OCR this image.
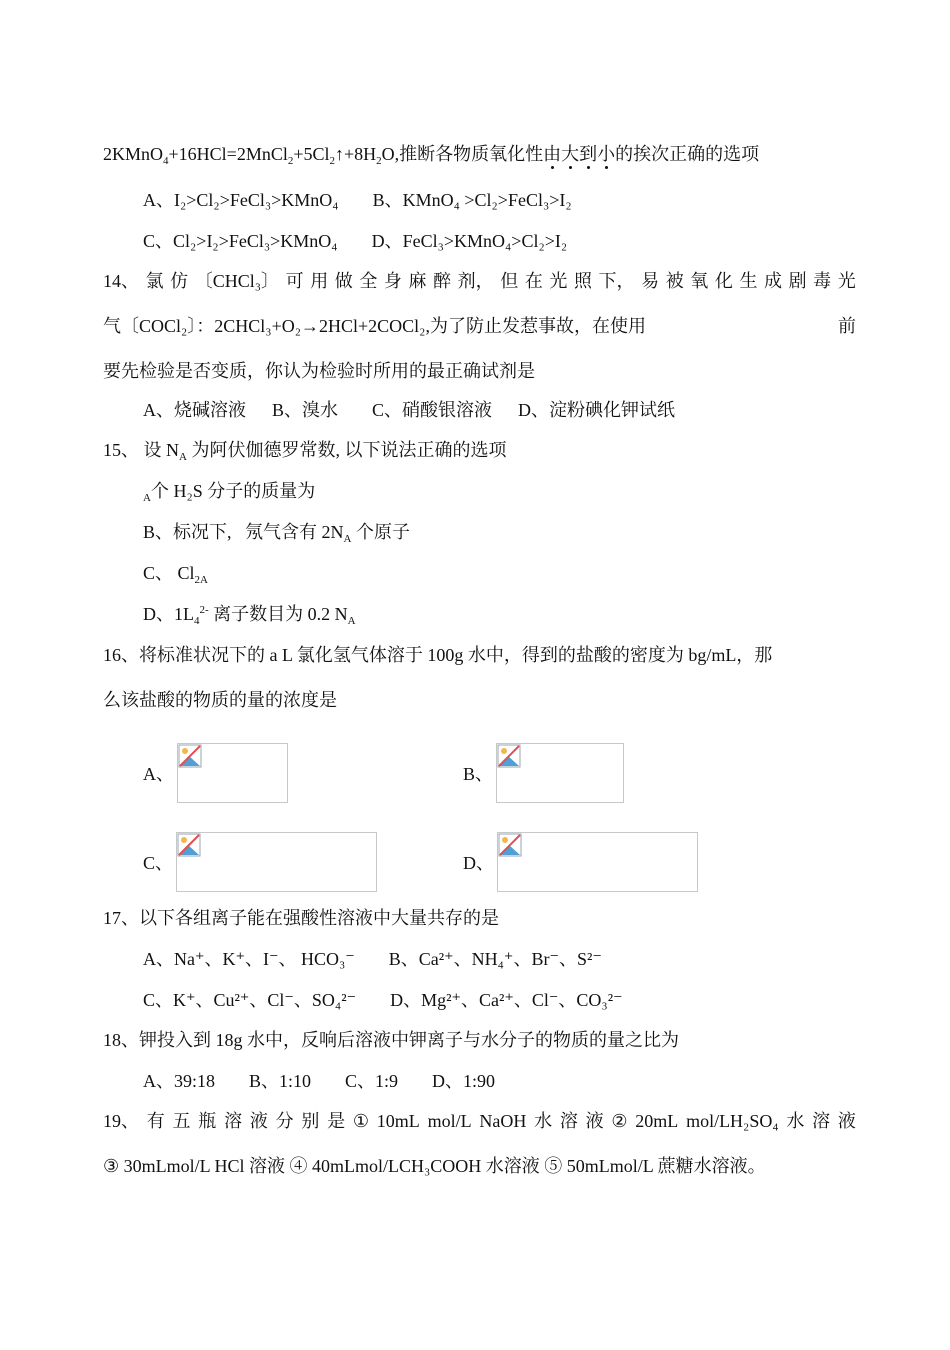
$2KMnO_4+16HCl=2MnCl_2+5Cl_2↑+8H_2O$,推断各物质氧化性由大到小的挨次正确的选项
A、I₂>Cl₂>FeCl₃>KMnO₄ B、KMnO₄ >Cl₂>FeCl₃>I₂
C、Cl₂>I₂>FeCl₃>KMnO₄ D、FeCl₃>KMnO₄>Cl₂>I₂
14、 氯 仿 〔CHCl₃〕 可 用 做 全 身 麻 醉 剂， 但 在 光 照 下， 易 被 氧 化 生 成 剧 毒 光
气〔COCl₂〕：2CHCl₃+O₂→2HCl+2COCl₂,为了防止发惹事故，在使用	前
要先检验是否变质，你认为检验时所用的最正确试剂是
A、烧碱溶液 B、溴水 C、硝酸银溶液 D、淀粉碘化钾试纸
15、 设 $N_A$ 为阿伏伽德罗常数, 以下说法正确的选项
$_A$个 H₂S 分子的质量为
B、标况下,   氖气含有 $2N_A$ 个原子
C、 $Cl_{2A}$
D、$1L_4^{2-}$ 离子数目为 0.2 $N_A$
16、将标准状况下的 a L 氯化氢气体溶于 100g 水中，得到的盐酸的密度为 bg/mL，那
么该盐酸的物质的量的浓度是
A、	B、
C、	D、
17、以下各组离子能在强酸性溶液中大量共存的是
A、Na⁺、K⁺、I⁻、 HCO₃⁻ B、Ca²⁺、NH₄⁺、Br⁻、S²⁻
C、K⁺、Cu²⁺、Cl⁻、SO₄²⁻ D、Mg²⁺、Ca²⁺、Cl⁻、CO₃²⁻
18、钾投入到 18g 水中，反响后溶液中钾离子与水分子的物质的量之比为
A、39:18 B、1:10 C、1:9 D、1:90
19、 有 五 瓶 溶 液 分 别 是 ① 10mL mol/L NaOH 水 溶 液 ② 20mL mol/LH₂SO₄ 水 溶 液
③ 30mLmol/L HCl 溶液 ④ 40mLmol/LCH₃COOH 水溶液 ⑤ 50mLmol/L 蔗糖水溶液。
